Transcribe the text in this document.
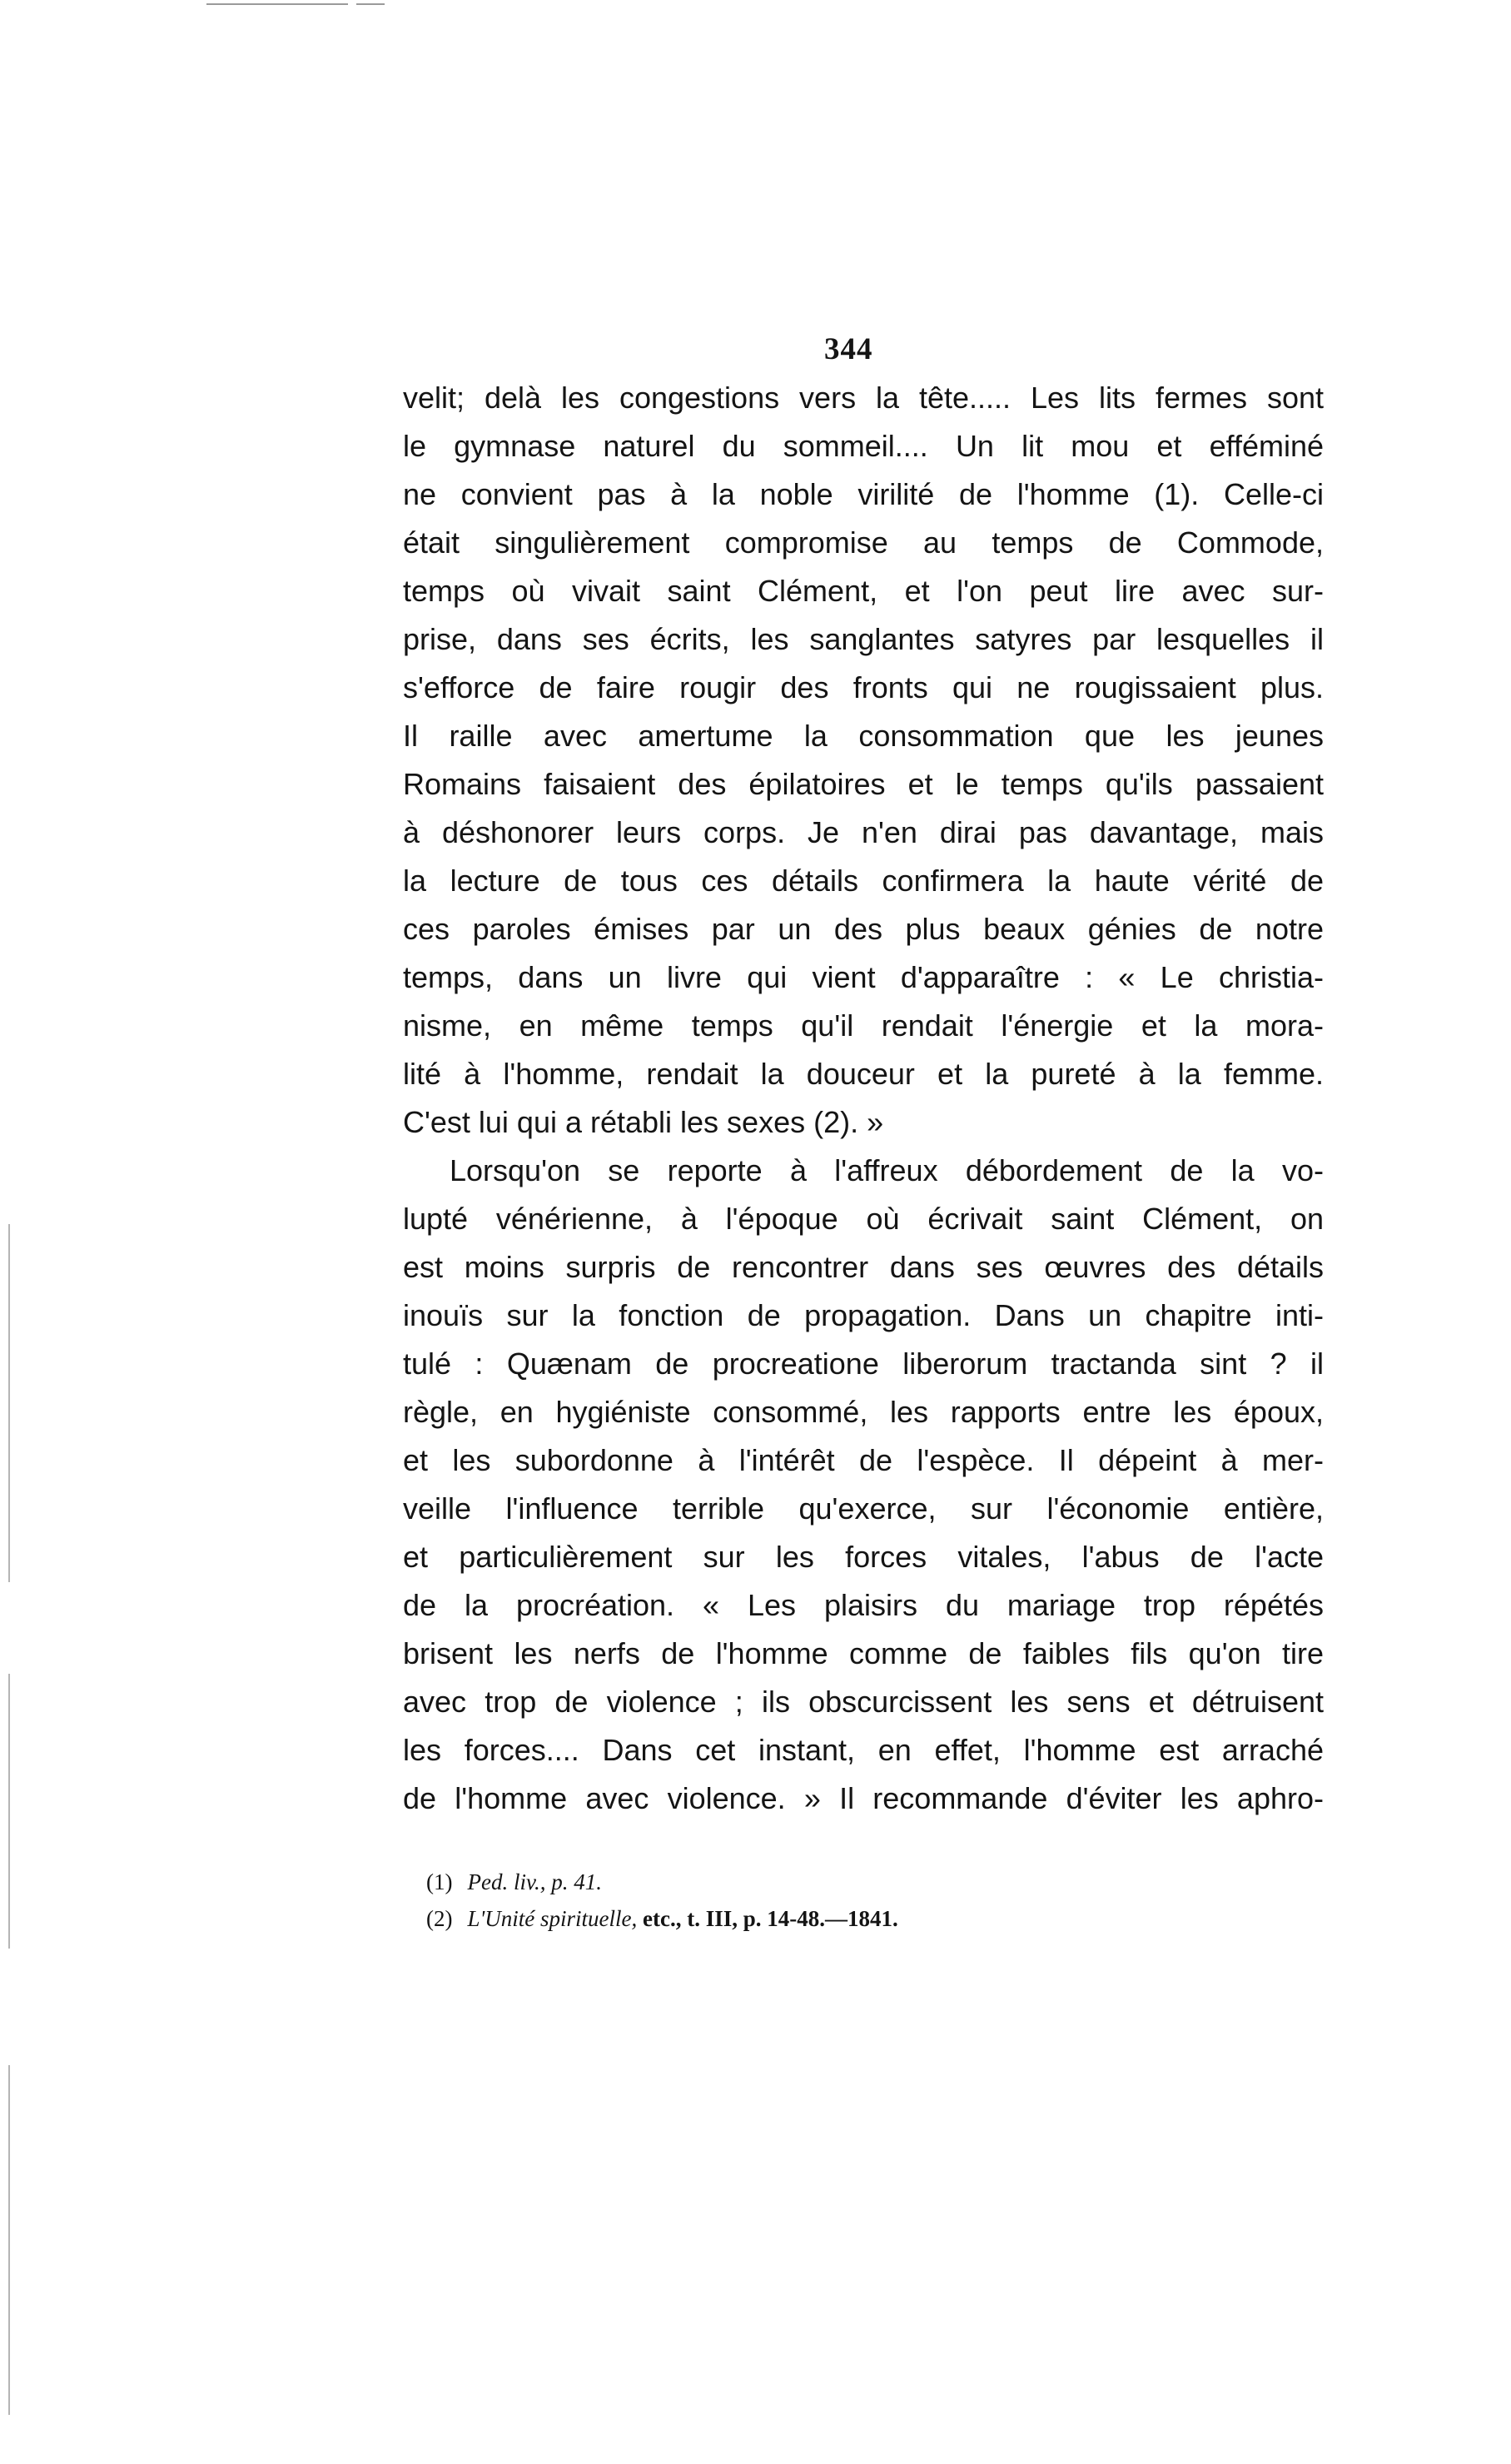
344
velit; delà les congestions vers la tête..... Les lits fermes sont
le gymnase naturel du sommeil.... Un lit mou et efféminé
ne convient pas à la noble virilité de l'homme (1). Celle-ci
était singulièrement compromise au temps de Commode,
temps où vivait saint Clément, et l'on peut lire avec sur-
prise, dans ses écrits, les sanglantes satyres par lesquelles il
s'efforce de faire rougir des fronts qui ne rougissaient plus.
Il raille avec amertume la consommation que les jeunes
Romains faisaient des épilatoires et le temps qu'ils passaient
à déshonorer leurs corps. Je n'en dirai pas davantage, mais
la lecture de tous ces détails confirmera la haute vérité de
ces paroles émises par un des plus beaux génies de notre
temps, dans un livre qui vient d'apparaître : « Le christia-
nisme, en même temps qu'il rendait l'énergie et la mora-
lité à l'homme, rendait la douceur et la pureté à la femme.
C'est lui qui a rétabli les sexes (2). »
Lorsqu'on se reporte à l'affreux débordement de la vo-
lupté vénérienne, à l'époque où écrivait saint Clément, on
est moins surpris de rencontrer dans ses œuvres des détails
inouïs sur la fonction de propagation. Dans un chapitre inti-
tulé : Quænam de procreatione liberorum tractanda sint ? il
règle, en hygiéniste consommé, les rapports entre les époux,
et les subordonne à l'intérêt de l'espèce. Il dépeint à mer-
veille l'influence terrible qu'exerce, sur l'économie entière,
et particulièrement sur les forces vitales, l'abus de l'acte
de la procréation. « Les plaisirs du mariage trop répétés
brisent les nerfs de l'homme comme de faibles fils qu'on tire
avec trop de violence ; ils obscurcissent les sens et détruisent
les forces.... Dans cet instant, en effet, l'homme est arraché
de l'homme avec violence. » Il recommande d'éviter les aphro-
(1) Ped. liv., p. 41.
(2) L'Unité spirituelle, etc., t. III, p. 14-48.—1841.
